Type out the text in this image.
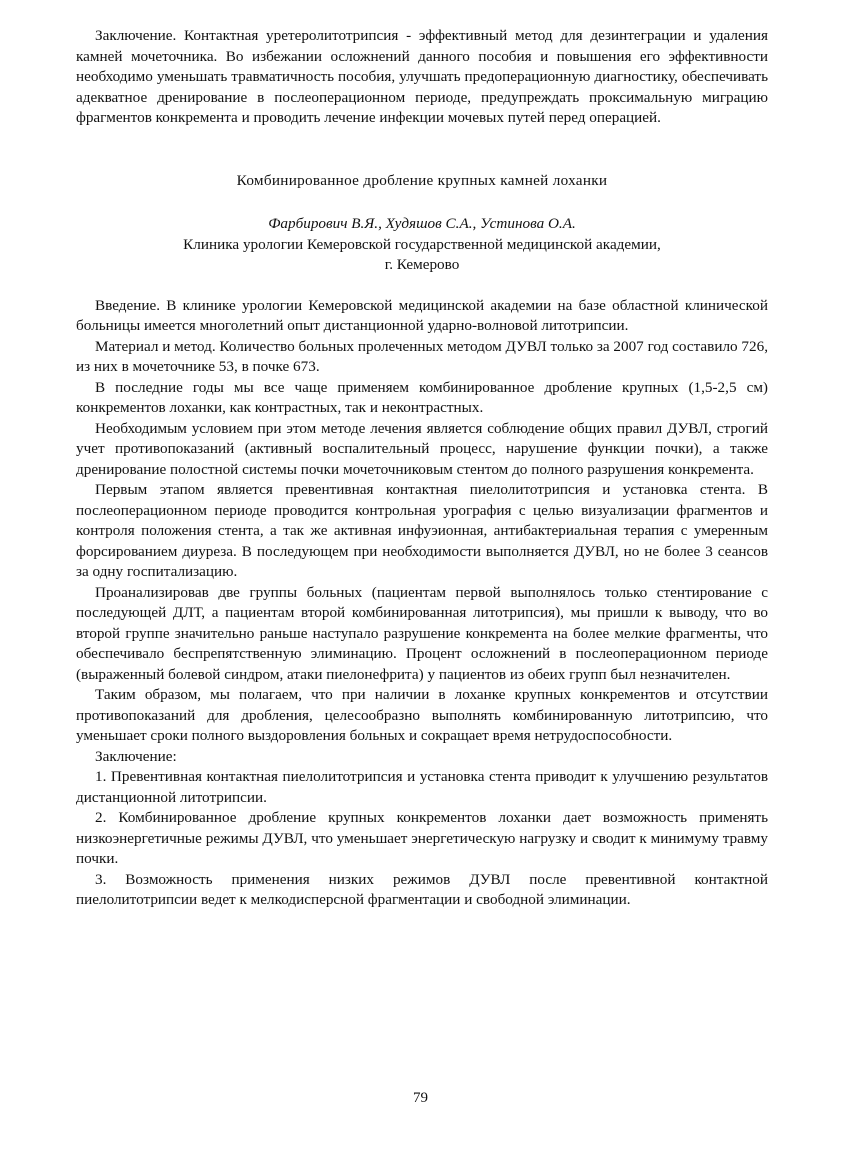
Заключение. Контактная уретеролитотрипсия - эффективный метод для дезинтеграции и удаления камней мочеточника. Во избежании осложнений данного пособия и повышения его эффективности необходимо уменьшать травматичность пособия, улучшать предоперационную диагностику, обеспечивать адекватное дренирование в послеоперационном периоде, предупреждать проксимальную миграцию фрагментов конкремента и проводить лечение инфекции мочевых путей перед операцией.

Комбинированное дробление крупных камней лоханки

Фарбирович В.Я., Худяшов С.А., Устинова О.А.

Клиника урологии Кемеровской государственной медицинской академии,

г. Кемерово

Введение. В клинике урологии Кемеровской медицинской академии на базе областной клинической больницы имеется многолетний опыт дистанционной ударно-волновой литотрипсии.

Материал и метод. Количество больных пролеченных методом ДУВЛ только за 2007 год составило 726, из них в мочеточнике 53, в почке 673.

В последние годы мы все чаще применяем комбинированное дробление крупных (1,5-2,5 см) конкрементов лоханки, как контрастных, так и неконтрастных.

Необходимым условием при этом методе лечения является соблюдение общих правил ДУВЛ, строгий учет противопоказаний (активный воспалительный процесс, нарушение функции почки), а также дренирование полостной системы почки мочеточниковым стентом до полного разрушения конкремента.

Первым этапом является превентивная контактная пиелолитотрипсия и установка стента. В послеоперационном периоде проводится контрольная урография с целью визуализации фрагментов и контроля положения стента, а так же активная инфуэионная, антибактериальная терапия с умеренным форсированием диуреза. В последующем при необходимости выполняется ДУВЛ, но не более 3 сеансов за одну госпитализацию.

Проанализировав две группы больных (пациентам первой выполнялось только стентирование с последующей ДЛТ, а пациентам второй комбинированная литотрипсия), мы пришли к выводу, что во второй группе значительно раньше наступало разрушение конкремента на более мелкие фрагменты, что обеспечивало беспрепятственную элиминацию. Процент осложнений в послеоперационном периоде (выраженный болевой синдром, атаки пиелонефрита) у пациентов из обеих групп был незначителен.

Таким образом, мы полагаем, что при наличии в лоханке крупных конкрементов и отсутствии противопоказаний для дробления, целесообразно выполнять комбинированную литотрипсию, что уменьшает сроки полного выздоровления больных и сокращает время нетрудоспособности.

Заключение:

1. Превентивная контактная пиелолитотрипсия и установка стента приводит к улучшению результатов дистанционной литотрипсии.

2. Комбинированное дробление крупных конкрементов лоханки дает возможность применять низкоэнергетичные режимы ДУВЛ, что уменьшает энергетическую нагрузку и сводит к минимуму травму почки.

3. Возможность применения низких режимов ДУВЛ после превентивной контактной пиелолитотрипсии ведет к мелкодисперсной фрагментации и свободной элиминации.

79
